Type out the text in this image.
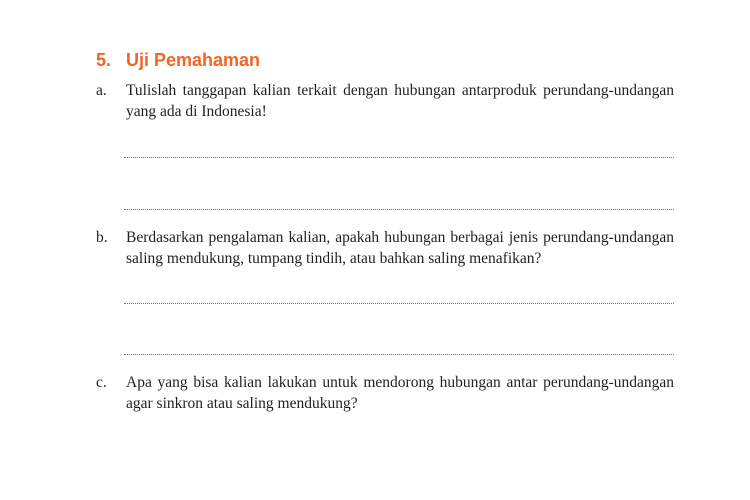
5. Uji Pemahaman
a. Tulislah tanggapan kalian terkait dengan hubungan antarproduk perundang-undangan yang ada di Indonesia!
b. Berdasarkan pengalaman kalian, apakah hubungan berbagai jenis perundang-undangan saling mendukung, tumpang tindih, atau bahkan saling menafikan?
c. Apa yang bisa kalian lakukan untuk mendorong hubungan antar perundang-undangan agar sinkron atau saling mendukung?
